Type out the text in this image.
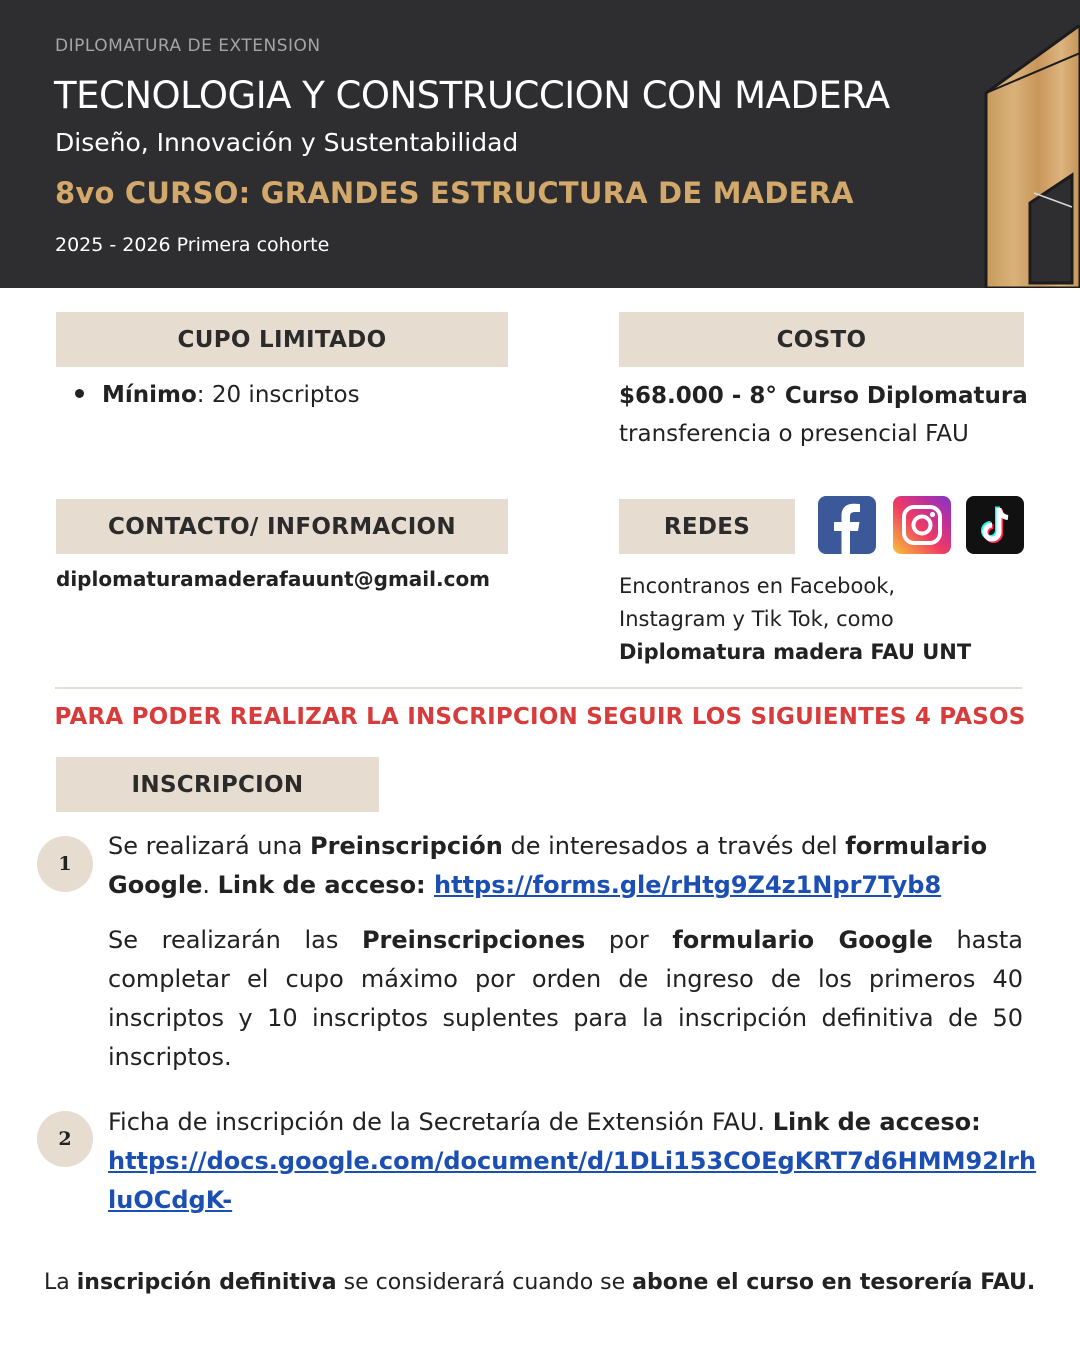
DIPLOMATURA DE EXTENSION
TECNOLOGIA Y CONSTRUCCION CON MADERA
Diseño, Innovación y Sustentabilidad
8vo CURSO: GRANDES ESTRUCTURA DE MADERA
2025 - 2026 Primera cohorte
CUPO LIMITADO
Mínimo: 20 inscriptos
COSTO
$68.000 - 8° Curso Diplomatura
transferencia o presencial FAU
CONTACTO/ INFORMACION
diplomaturamaderafauunt@gmail.com
REDES
Encontranos en Facebook,
Instagram y Tik Tok, como
Diplomatura madera FAU UNT
PARA PODER REALIZAR LA INSCRIPCION SEGUIR LOS SIGUIENTES 4 PASOS
INSCRIPCION
1
Se realizará una Preinscripción de interesados a través del formulario Google. Link de acceso: https://forms.gle/rHtg9Z4z1Npr7Tyb8
Se realizarán las Preinscripciones por formulario Google hasta completar el cupo máximo por orden de ingreso de los primeros 40 inscriptos y 10 inscriptos suplentes para la inscripción definitiva de 50 inscriptos.
2
Ficha de inscripción de la Secretaría de Extensión FAU. Link de acceso:
https://docs.google.com/document/d/1DLi153COEgKRT7d6HMM92lrh
luOCdgK-
La inscripción definitiva se considerará cuando se abone el curso en tesorería FAU.
